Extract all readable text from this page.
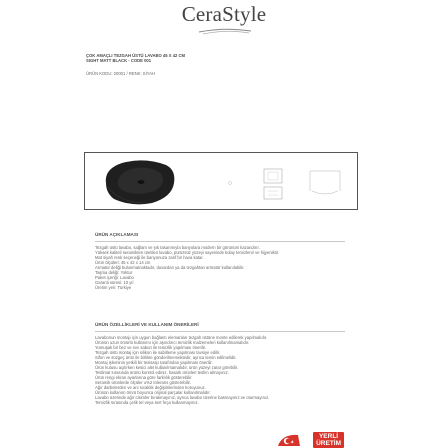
CeraStyle
ÇOK AMAÇLI TEZGAH ÜSTÜ LAVABO 45 X 42 CM
SIGHT MATT BLACK - CODE 001
ÜRÜN KODU: 20001 / RENK: SİYAH
ÜRÜN AÇIKLAMASI
Tezgah üstü lavabo, sağlam ve şık tasarımıyla banyolara modern bir görünüm kazandırır.
Yüksek kaliteli seramikten üretilen lavabo, pürüzsüz yüzeyi sayesinde kolay temizlenir ve hijyeniktir.
Mat siyah renk seçeneği ile banyonuza zarif bir hava katar.
Ürün ölçüleri: 45 x 42 x 14 cm
Armatür deliği bulunmamaktadır, duvardan ya da tezgahtan armatür kullanılabilir.
Taşma deliği: Yoktur
Paket içeriği: Lavabo
Garanti süresi: 10 yıl
Üretim yeri: Türkiye
ÜRÜN ÖZELLİKLERİ VE KULLANIM ÖNERİLERİ
Lavabonun montajı için uygun bağlantı elemanları tezgah üstüne monte edilerek yapılmalıdır.
Ürünün uzun ömürlü kullanımı için aşındırıcı temizlik malzemeleri kullanılmamalıdır.
Yumuşak bir bez ve sıvı sabun ile temizlik yapılması önerilir.
Tezgah üstü montaj için silikon ile sabitleme yapılması tavsiye edilir.
Sifon ve süzgeç ürün ile birlikte gönderilmemektedir, ayrıca temin edilmelidir.
Montaj işleminin yetkili bir tesisatçı tarafından yapılması önerilir.
Ürün kutusu açılırken kesici alet kullanılmamalıdır, ürün yüzeyi zarar görebilir.
Teslimat sırasında ürünü kontrol ediniz, hasarlı ürünleri teslim almayınız.
Ürün rengi ekran ayarlarına göre farklılık gösterebilir.
Seramik ürünlerde ölçüler ±%2 tolerans gösterebilir.
Ağır darbelerden ve ani sıcaklık değişimlerinden koruyunuz.
Ürünün kullanım ömrü boyunca orijinal parçalar kullanılmalıdır.
Lavabo üzerinde ağır cisimler bırakmayınız, ayrıca lavabo üzerine basmayınız ve oturmayınız.
Temizlik sırasında çelik tel veya sert fırça kullanmayınız.
YERLİ
ÜRETİM
